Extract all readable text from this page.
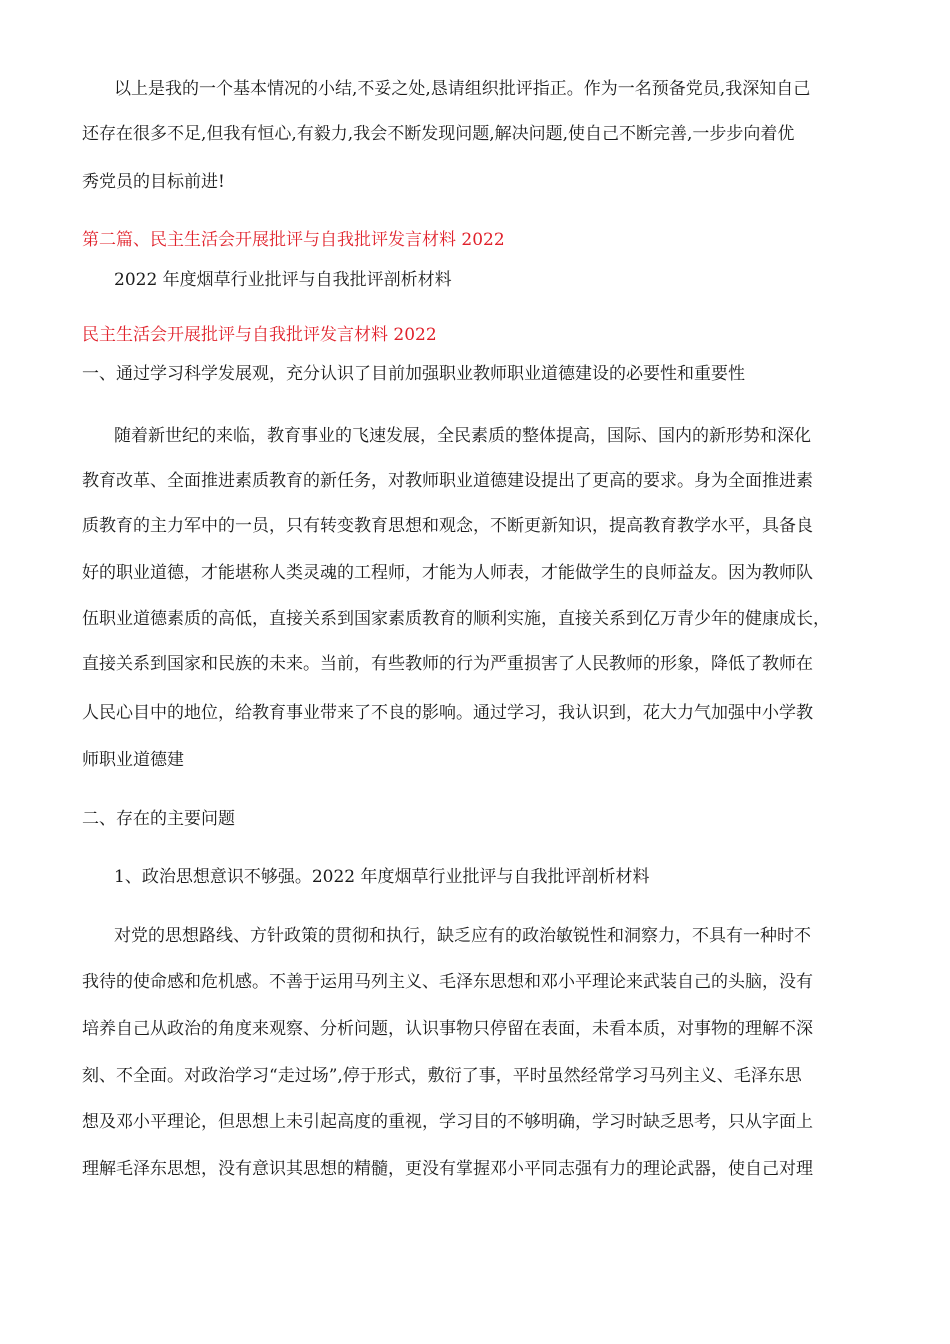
以上是我的一个基本情况的小结,不妥之处,恳请组织批评指正。作为一名预备党员,我深知自己
还存在很多不足,但我有恒心,有毅力,我会不断发现问题,解决问题,使自己不断完善,一步步向着优
秀党员的目标前进!
第二篇、民主生活会开展批评与自我批评发言材料 2022
2022 年度烟草行业批评与自我批评剖析材料
民主生活会开展批评与自我批评发言材料 2022
一、通过学习科学发展观，充分认识了目前加强职业教师职业道德建设的必要性和重要性
随着新世纪的来临，教育事业的飞速发展，全民素质的整体提高，国际、国内的新形势和深化
教育改革、全面推进素质教育的新任务，对教师职业道德建设提出了更高的要求。身为全面推进素
质教育的主力军中的一员，只有转变教育思想和观念，不断更新知识，提高教育教学水平，具备良
好的职业道德，才能堪称人类灵魂的工程师，才能为人师表，才能做学生的良师益友。因为教师队
伍职业道德素质的高低，直接关系到国家素质教育的顺利实施，直接关系到亿万青少年的健康成长，
直接关系到国家和民族的未来。当前，有些教师的行为严重损害了人民教师的形象，降低了教师在
人民心目中的地位，给教育事业带来了不良的影响。通过学习，我认识到，花大力气加强中小学教
师职业道德建
二、存在的主要问题
1、政治思想意识不够强。2022 年度烟草行业批评与自我批评剖析材料
对党的思想路线、方针政策的贯彻和执行，缺乏应有的政治敏锐性和洞察力，不具有一种时不
我待的使命感和危机感。不善于运用马列主义、毛泽东思想和邓小平理论来武装自己的头脑，没有
培养自己从政治的角度来观察、分析问题，认识事物只停留在表面，未看本质，对事物的理解不深
刻、不全面。对政治学习“走过场”,停于形式，敷衍了事，平时虽然经常学习马列主义、毛泽东思
想及邓小平理论，但思想上未引起高度的重视，学习目的不够明确，学习时缺乏思考，只从字面上
理解毛泽东思想，没有意识其思想的精髓，更没有掌握邓小平同志强有力的理论武器，使自己对理
